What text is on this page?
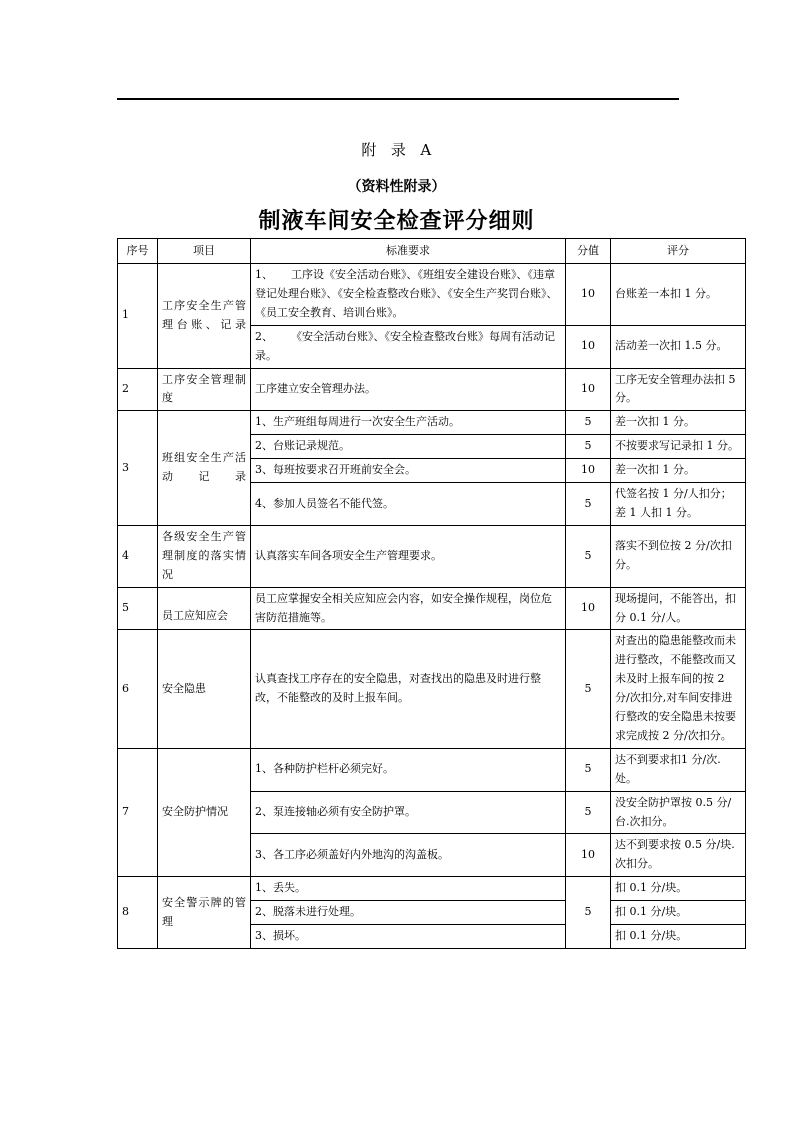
附 录 A
（资料性附录）
制液车间安全检查评分细则
序号	项目	标准要求	分值	评分
1	工序安全生产管理台账、记录	1、 工序设《安全活动台账》、《班组安全建设台账》、《违章登记处理台账》、《安全检查整改台账》、《安全生产奖罚台账》、《员工安全教育、培训台账》。	10	台账差一本扣 1 分。
		2、 《安全活动台账》、《安全检查整改台账》每周有活动记录。	10	活动差一次扣 1.5 分。
2	工序安全管理制度	工序建立安全管理办法。	10	工序无安全管理办法扣 5 分。
3	班组安全生产活动记录	1、生产班组每周进行一次安全生产活动。	5	差一次扣 1 分。
		2、台账记录规范。	5	不按要求写记录扣 1 分。
		3、每班按要求召开班前安全会。	10	差一次扣 1 分。
		4、参加人员签名不能代签。	5	代签名按 1 分/人扣分；差 1 人扣 1 分。
4	各级安全生产管理制度的落实情况	认真落实车间各项安全生产管理要求。	5	落实不到位按 2 分/次扣分。
5	员工应知应会	员工应掌握安全相关应知应会内容，如安全操作规程，岗位危害防范措施等。	10	现场提问，不能答出，扣分 0.1 分/人。
6	安全隐患	认真查找工序存在的安全隐患，对查找出的隐患及时进行整改，不能整改的及时上报车间。	5	对查出的隐患能整改而未进行整改，不能整改而又未及时上报车间的按 2 分/次扣分,对车间安排进行整改的安全隐患未按要求完成按 2 分/次扣分。
7	安全防护情况	1、各种防护栏杆必须完好。	5	达不到要求扣1 分/次.处。
		2、泵连接轴必须有安全防护罩。	5	没安全防护罩按 0.5 分/台.次扣分。
		3、各工序必须盖好内外地沟的沟盖板。	10	达不到要求按 0.5 分/块.次扣分。
8	安全警示牌的管理	1、丢失。	5	扣 0.1 分/块。
		2、脱落未进行处理。		扣 0.1 分/块。
		3、损坏。		扣 0.1 分/块。
